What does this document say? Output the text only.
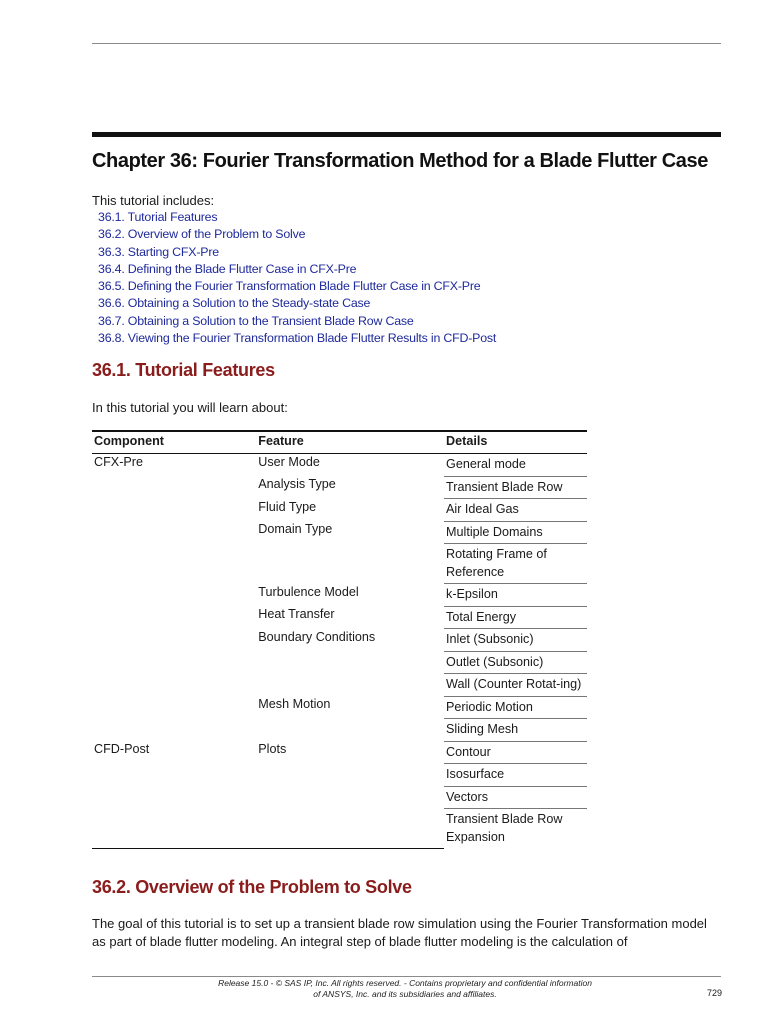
Chapter 36: Fourier Transformation Method for a Blade Flutter Case

This tutorial includes:

36.1. Tutorial Features
36.2. Overview of the Problem to Solve
36.3. Starting CFX-Pre
36.4. Defining the Blade Flutter Case in CFX-Pre
36.5. Defining the Fourier Transformation Blade Flutter Case in CFX-Pre
36.6. Obtaining a Solution to the Steady-state Case
36.7. Obtaining a Solution to the Transient Blade Row Case
36.8. Viewing the Fourier Transformation Blade Flutter Results in CFD-Post
36.1. Tutorial Features

In this tutorial you will learn about:

Component	Feature	Details
CFX-Pre	User Mode	General mode
	Analysis Type	Transient Blade Row
	Fluid Type	Air Ideal Gas
	Domain Type	Multiple Domains
		Rotating Frame of Reference
	Turbulence Model	k-Epsilon
	Heat Transfer	Total Energy
	Boundary Conditions	Inlet (Subsonic)
		Outlet (Subsonic)
		Wall (Counter Rotat-ing)
	Mesh Motion	Periodic Motion
		Sliding Mesh
CFD-Post	Plots	Contour
		Isosurface
		Vectors
		Transient Blade Row Expansion
36.2. Overview of the Problem to Solve

The goal of this tutorial is to set up a transient blade row simulation using the Fourier Transformation model as part of blade flutter modeling. An integral step of blade flutter modeling is the calculation of

Release 15.0 - © SAS IP, Inc. All rights reserved. - Contains proprietary and confidential information
of ANSYS, Inc. and its subsidiaries and affiliates.	729
